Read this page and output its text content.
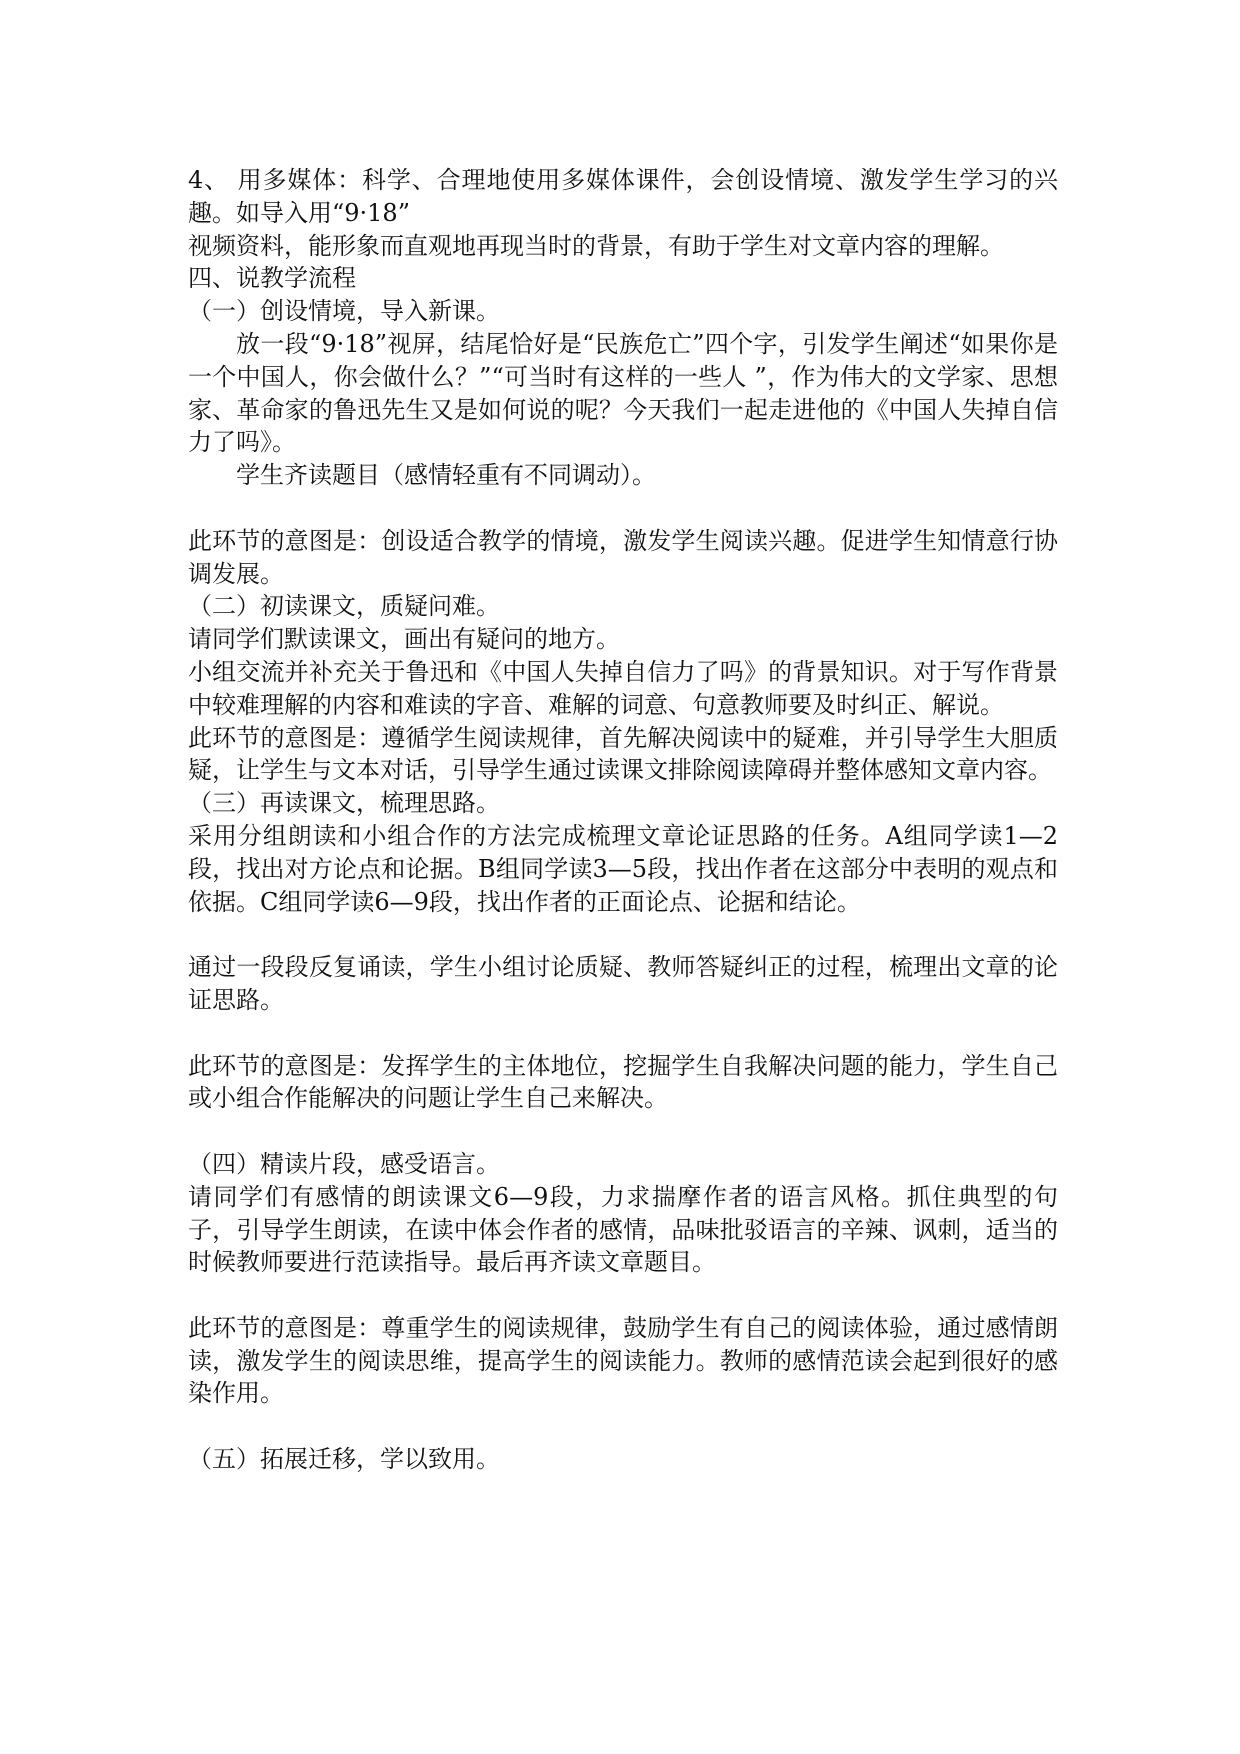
4、 用多媒体：科学、合理地使用多媒体课件，会创设情境、激发学生学习的兴趣。如导入用“9·18”

视频资料，能形象而直观地再现当时的背景，有助于学生对文章内容的理解。

四、说教学流程

（一）创设情境，导入新课。

放一段“9·18”视屏，结尾恰好是“民族危亡”四个字，引发学生阐述“如果你是一个中国人，你会做什么？”“可当时有这样的一些人 ”，作为伟大的文学家、思想家、革命家的鲁迅先生又是如何说的呢？今天我们一起走进他的《中国人失掉自信力了吗》。

学生齐读题目（感情轻重有不同调动）。

此环节的意图是：创设适合教学的情境，激发学生阅读兴趣。促进学生知情意行协调发展。

（二）初读课文，质疑问难。

请同学们默读课文，画出有疑问的地方。

小组交流并补充关于鲁迅和《中国人失掉自信力了吗》的背景知识。对于写作背景中较难理解的内容和难读的字音、难解的词意、句意教师要及时纠正、解说。

此环节的意图是：遵循学生阅读规律，首先解决阅读中的疑难，并引导学生大胆质疑，让学生与文本对话，引导学生通过读课文排除阅读障碍并整体感知文章内容。

（三）再读课文，梳理思路。

采用分组朗读和小组合作的方法完成梳理文章论证思路的任务。A组同学读1—2段，找出对方论点和论据。B组同学读3—5段，找出作者在这部分中表明的观点和依据。C组同学读6—9段，找出作者的正面论点、论据和结论。

通过一段段反复诵读，学生小组讨论质疑、教师答疑纠正的过程，梳理出文章的论证思路。

此环节的意图是：发挥学生的主体地位，挖掘学生自我解决问题的能力，学生自己或小组合作能解决的问题让学生自己来解决。

（四）精读片段，感受语言。

请同学们有感情的朗读课文6—9段，力求揣摩作者的语言风格。抓住典型的句子，引导学生朗读，在读中体会作者的感情，品味批驳语言的辛辣、讽刺，适当的时候教师要进行范读指导。最后再齐读文章题目。

此环节的意图是：尊重学生的阅读规律，鼓励学生有自己的阅读体验，通过感情朗读，激发学生的阅读思维，提高学生的阅读能力。教师的感情范读会起到很好的感染作用。

（五）拓展迁移，学以致用。
